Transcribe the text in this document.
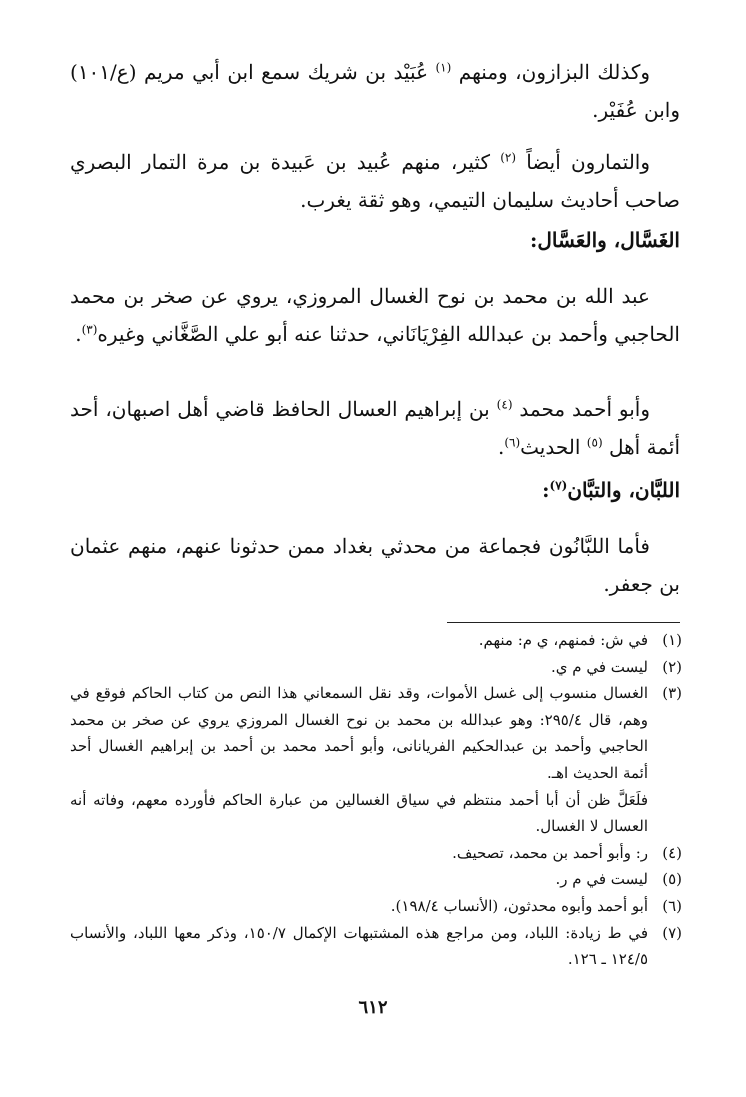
وكذلك البزازون، ومنهم $^{(١)}$ عُبَيْد بن شريك سمع ابن أبي مريم (ع/١٠١) وابن عُفَيْر.

والتمارون أيضاً $^{(٢)}$ كثير، منهم عُبيد بن عَبيدة بن مرة التمار البصري صاحب أحاديث سليمان التيمي، وهو ثقة يغرب.

الغَسَّال، والعَسَّال:

عبد الله بن محمد بن نوح الغسال المروزي، يروي عن صخر بن محمد الحاجبي وأحمد بن عبدالله الفِرْيَانَاني، حدثنا عنه أبو علي الصَّغَّاني وغيره$^{(٣)}$.

وأبو أحمد محمد $^{(٤)}$ بن إبراهيم العسال الحافظ قاضي أهل اصبهان، أحد أئمة أهل $^{(٥)}$ الحديث$^{(٦)}$.

اللبَّان، والتبَّان$^{(٧)}$:

فأما اللبَّانُون فجماعة من محدثي بغداد ممن حدثونا عنهم، منهم عثمان بن جعفر.

(١)
في ش: فمنهم، ي م: منهم.
(٢)
ليست في م ي.
(٣)
الغسال منسوب إلى غسل الأموات، وقد نقل السمعاني هذا النص من كتاب الحاكم فوقع في وهم، قال ٢٩٥/٤: وهو عبدالله بن محمد بن نوح الغسال المروزي يروي عن صخر بن محمد الحاجبي وأحمد بن عبدالحكيم الفريانانى، وأبو أحمد محمد بن أحمد بن إبراهيم الغسال أحد أئمة الحديث اهـ.
فلَعَلَّ ظن أن أبا أحمد منتظم في سياق الغسالين من عبارة الحاكم فأورده معهم، وفاته أنه العسال لا الغسال.
(٤)
ر: وأبو أحمد بن محمد، تصحيف.
(٥)
ليست في م ر.
(٦)
أبو أحمد وأبوه محدثون، (الأنساب ١٩٨/٤).
(٧)
في ط زيادة: اللباد، ومن مراجع هذه المشتبهات الإكمال ١٥٠/٧، وذكر معها اللباد، والأنساب ١٢٤/٥ ـ ١٢٦.
٦١٢
